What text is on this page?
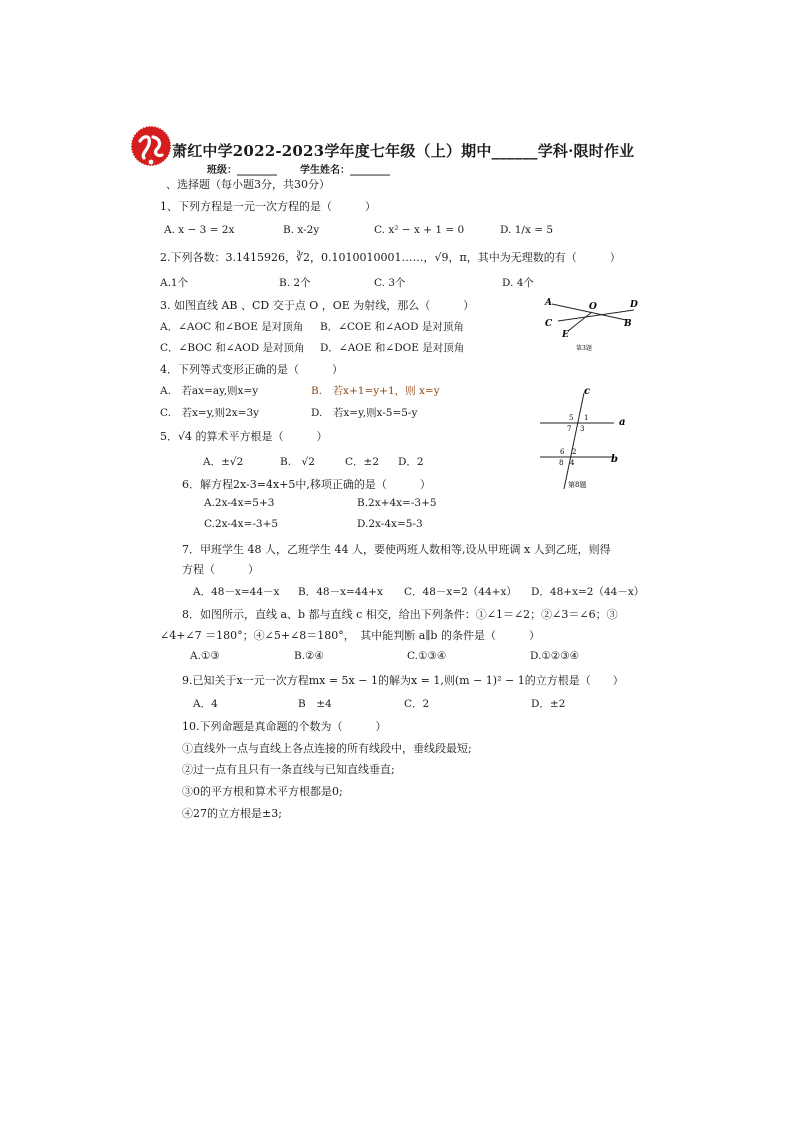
萧红中学2022-2023学年度七年级（上）期中______学科·限时作业
班级：________ 学生姓名：________
、选择题（每小题3分，共30分）
1、下列方程是一元一次方程的是（　　　）
A. x − 3 = 2x	B. x-2y	C. x² − x + 1 = 0	D. 1/x = 5
2.下列各数：3.1415926，∛2，0.1010010001……，√9，π，其中为无理数的有（　　　）
A.1个	B. 2个	C. 3个	D. 4个
3. 如图直线 AB 、CD 交于点 O ，OE 为射线，那么（　　　）
A．∠AOC 和∠BOE 是对顶角 B．∠COE 和∠AOD 是对顶角
C．∠BOC 和∠AOD 是对顶角 D．∠AOE 和∠DOE 是对顶角
A	O	D
C
E
B
第3题
4．下列等式变形正确的是（　　　）
A.　若ax=ay,则x=y	B.　若x+1=y+1，则 x=y
C.　若x=y,则2x=3y	D.　若x=y,则x-5=5-y
5．√4 的算术平方根是（　　　）
A．±√2	B.　√2	C．±2 D．2
c
a
b
5 1
7 3
6 2
8 4
第8题
6．解方程2x-3=4x+5中,移项正确的是（　　　）
A.2x-4x=5+3	B.2x+4x=-3+5
C.2x-4x=-3+5	D.2x-4x=5-3
7．甲班学生 48 人，乙班学生 44 人，要使两班人数相等,设从甲班调 x 人到乙班，则得
方程（　　　）
A．48－x=44－x B．48－x=44+x C．48－x=2（44+x） D．48+x=2（44－x）
8．如图所示，直线 a、b 都与直线 c 相交，给出下列条件：①∠1＝∠2；②∠3＝∠6；③
∠4+∠7 ＝180°；④∠5+∠8＝180°，　其中能判断 a∥b 的条件是（　　　）
A.①③	B.②④	C.①③④	D.①②③④
9.已知关于x一元一次方程mx = 5x − 1的解为x = 1,则(m − 1)² − 1的立方根是（　　）
A．4	B　±4	C．2	D．±2
10.下列命题是真命题的个数为（　　　）
①直线外一点与直线上各点连接的所有线段中，垂线段最短;
②过一点有且只有一条直线与已知直线垂直;
③0的平方根和算术平方根都是0;
④27的立方根是±3;
